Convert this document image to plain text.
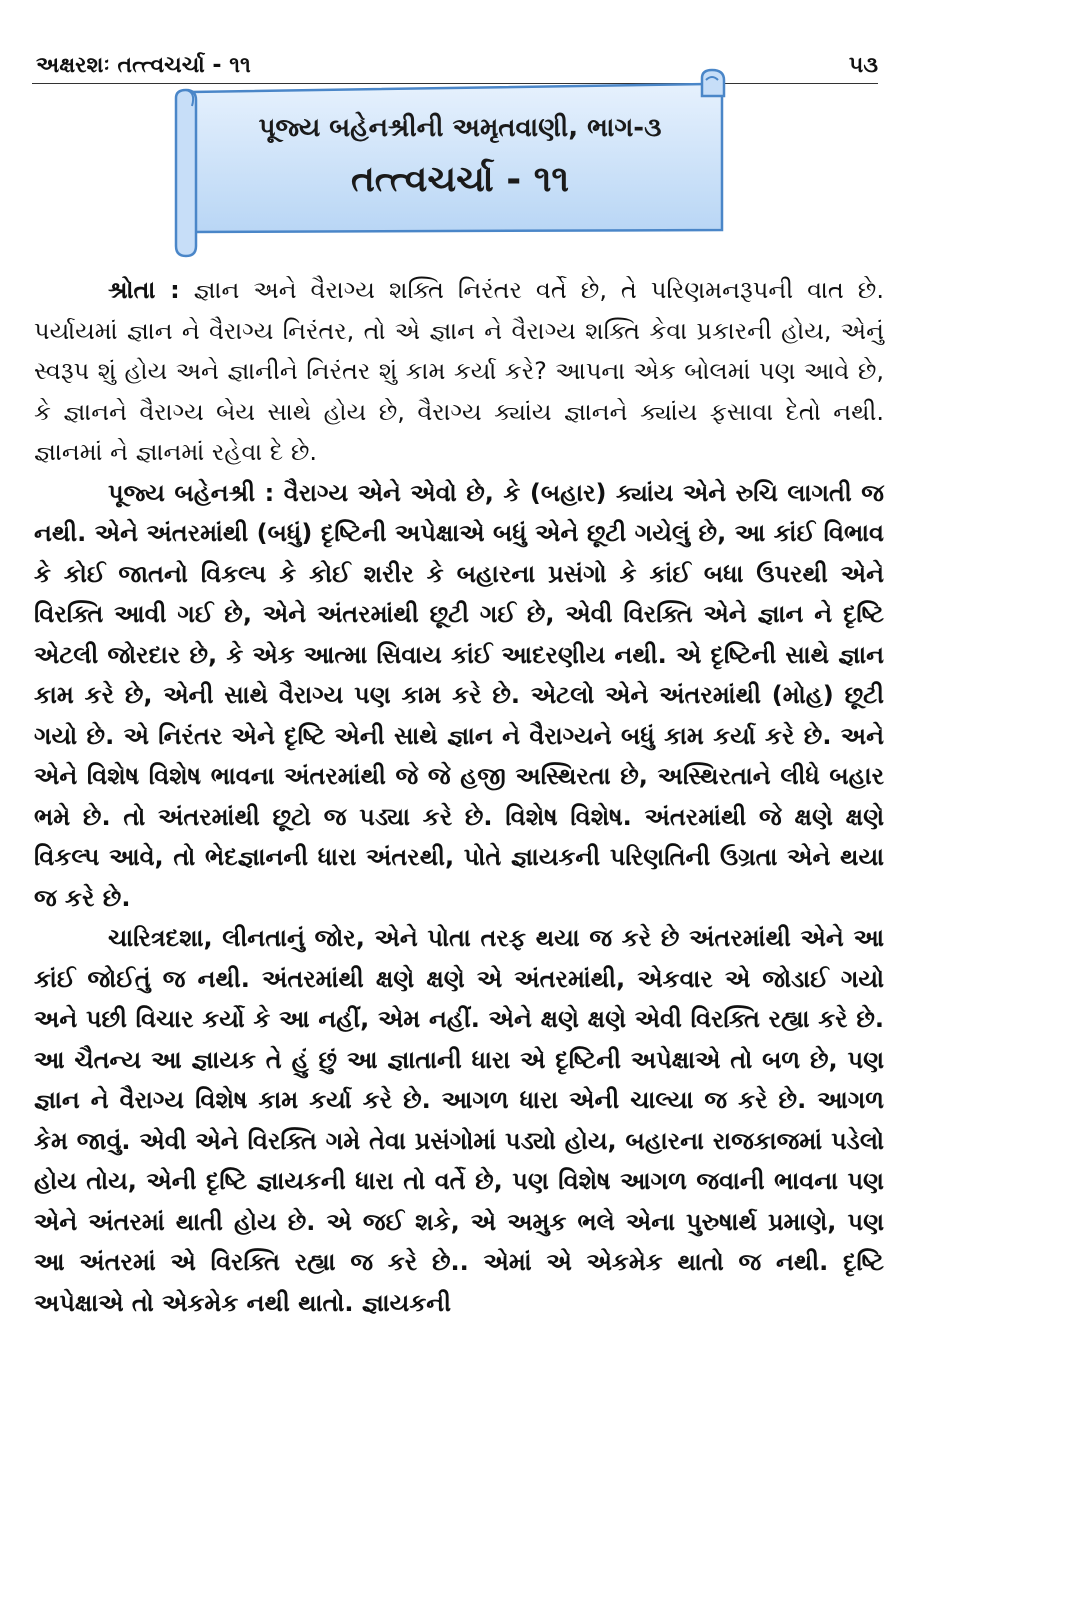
અક્ષરશઃ તત્ત્વચર્ચા - ૧૧	૫૩
પૂજ્ય બહેનશ્રીની અમૃતવાણી, ભાગ-૩
તત્ત્વચર્ચા - ૧૧

શ્રોતા : જ્ઞાન અને વૈરાગ્ય શક્તિ નિરંતર વર્તે છે, તે પરિણમનરૂપની વાત છે. પર્યાયમાં જ્ઞાન ને વૈરાગ્ય નિરંતર, તો એ જ્ઞાન ને વૈરાગ્ય શક્તિ કેવા પ્રકારની હોય, એનું સ્વરૂપ શું હોય અને જ્ઞાનીને નિરંતર શું કામ કર્યા કરે? આપના એક બોલમાં પણ આવે છે, કે જ્ઞાનને વૈરાગ્ય બેય સાથે હોય છે, વૈરાગ્ય ક્યાંય જ્ઞાનને ક્યાંય ફસાવા દેતો નથી. જ્ઞાનમાં ને જ્ઞાનમાં રહેવા દે છે.

પૂજ્ય બહેનશ્રી : વૈરાગ્ય એને એવો છે, કે (બહાર) ક્યાંય એને રુચિ લાગતી જ નથી. એને અંતરમાંથી (બધું) દૃષ્ટિની અપેક્ષાએ બધું એને છૂટી ગયેલું છે, આ કાંઈ વિભાવ કે કોઈ જાતનો વિકલ્પ કે કોઈ શરીર કે બહારના પ્રસંગો કે કાંઈ બધા ઉપરથી એને વિરક્તિ આવી ગઈ છે, એને અંતરમાંથી છૂટી ગઈ છે, એવી વિરક્તિ એને જ્ઞાન ને દૃષ્ટિ એટલી જોરદાર છે, કે એક આત્મા સિવાય કાંઈ આદરણીય નથી. એ દૃષ્ટિની સાથે જ્ઞાન કામ કરે છે, એની સાથે વૈરાગ્ય પણ કામ કરે છે. એટલો એને અંતરમાંથી (મોહ) છૂટી ગયો છે. એ નિરંતર એને દૃષ્ટિ એની સાથે જ્ઞાન ને વૈરાગ્યને બધું કામ કર્યા કરે છે. અને એને વિશેષ વિશેષ ભાવના અંતરમાંથી જે જે હજી અસ્થિરતા છે, અસ્થિરતાને લીધે બહાર ભમે છે. તો અંતરમાંથી છૂટો જ પડ્યા કરે છે. વિશેષ વિશેષ. અંતરમાંથી જે ક્ષણે ક્ષણે વિકલ્પ આવે, તો ભેદજ્ઞાનની ધારા અંતરથી, પોતે જ્ઞાયકની પરિણતિની ઉગ્રતા એને થયા જ કરે છે.

ચારિત્રદશા, લીનતાનું જોર, એને પોતા તરફ થયા જ કરે છે અંતરમાંથી એને આ કાંઈ જોઈતું જ નથી. અંતરમાંથી ક્ષણે ક્ષણે એ અંતરમાંથી, એકવાર એ જોડાઈ ગયો અને પછી વિચાર કર્યો કે આ નહીં, એમ નહીં. એને ક્ષણે ક્ષણે એવી વિરક્તિ રહ્યા કરે છે. આ ચૈતન્ય આ જ્ઞાયક તે હું છું આ જ્ઞાતાની ધારા એ દૃષ્ટિની અપેક્ષાએ તો બળ છે, પણ જ્ઞાન ને વૈરાગ્ય વિશેષ કામ કર્યા કરે છે. આગળ ધારા એની ચાલ્યા જ કરે છે. આગળ કેમ જાવું. એવી એને વિરક્તિ ગમે તેવા પ્રસંગોમાં પડ્યો હોય, બહારના રાજકાજમાં પડેલો હોય તોય, એની દૃષ્ટિ જ્ઞાયકની ધારા તો વર્તે છે, પણ વિશેષ આગળ જવાની ભાવના પણ એને અંતરમાં થાતી હોય છે. એ જઈ શકે, એ અમુક ભલે એના પુરુષાર્થ પ્રમાણે, પણ આ અંતરમાં એ વિરક્તિ રહ્યા જ કરે છે.. એમાં એ એકમેક થાતો જ નથી. દૃષ્ટિ અપેક્ષાએ તો એકમેક નથી થાતો. જ્ઞાયકની
